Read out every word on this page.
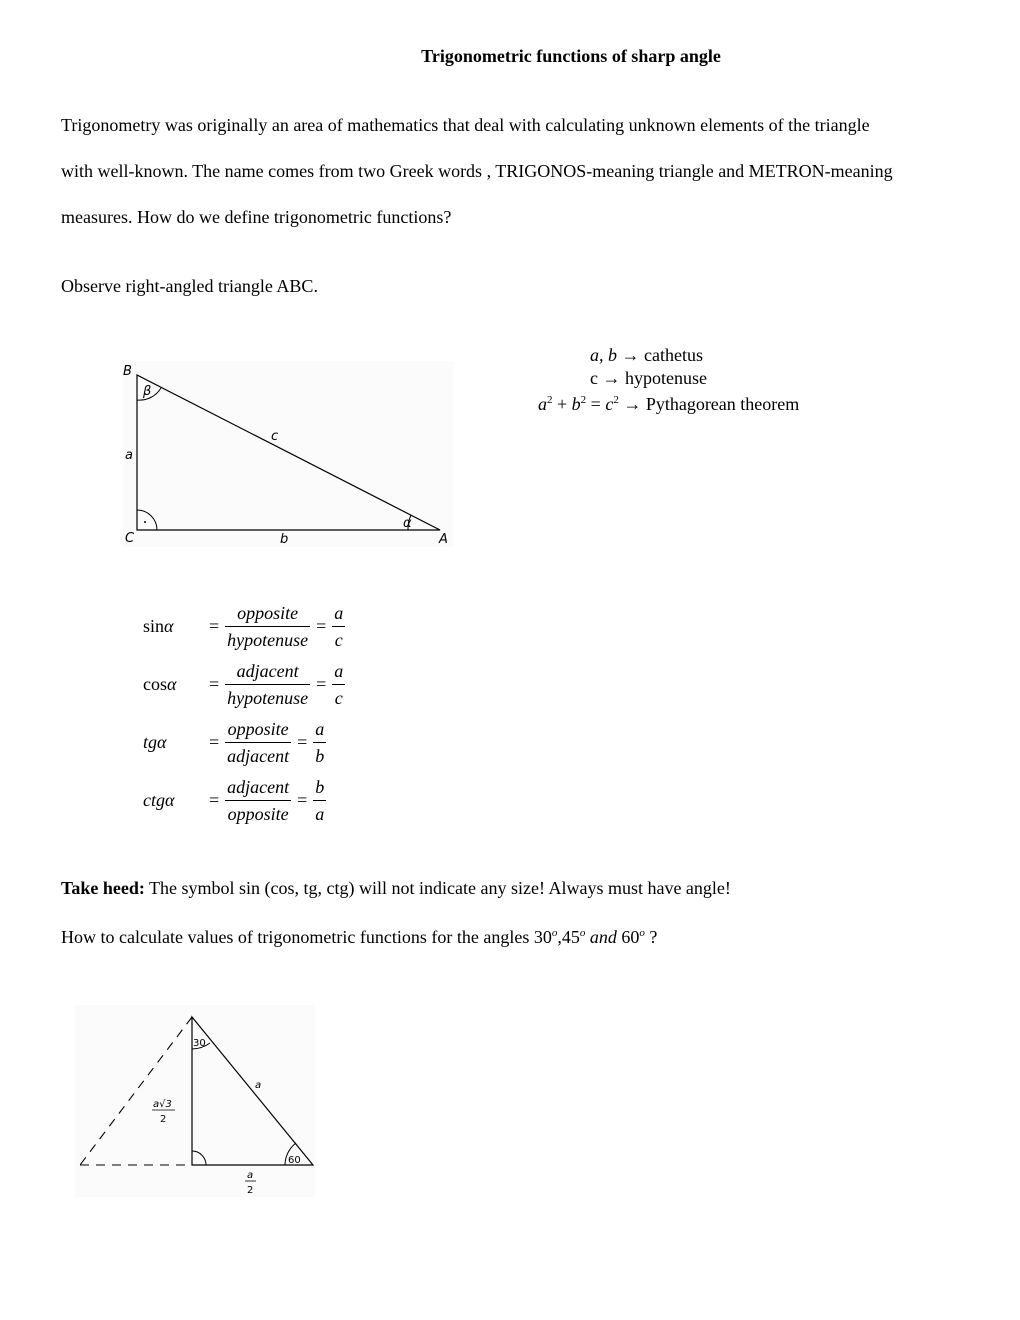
Trigonometric functions of sharp angle
Trigonometry was originally an area of mathematics that deal with calculating unknown elements of the triangle
with well-known. The name comes from two Greek words , TRIGONOS-meaning triangle and METRON-meaning
measures. How do we define trigonometric functions?
Observe right-angled triangle ABC.
B
C	A
a
b
c
α
β
a, b → cathetus
c → hypotenuse
$a^2 + b^2 = c^2$ → Pythagorean theorem
$\sin\alpha = \frac{\text{opposite}}{\text{hypotenuse}} = \frac{a}{c}$
$\cos\alpha = \frac{\text{adjacent}}{\text{hypotenuse}} = \frac{a}{c}$
$tg\alpha = \frac{\text{opposite}}{\text{adjacent}} = \frac{a}{b}$
$ctg\alpha = \frac{\text{adjacent}}{\text{opposite}} = \frac{b}{a}$
Take heed: The symbol sin (cos, tg, ctg) will not indicate any size! Always must have angle!
How to calculate values of trigonometric functions for the angles 30$^o$,45$^o$ and 60$^o$ ?
30
60
a
a√3
2
a
2
